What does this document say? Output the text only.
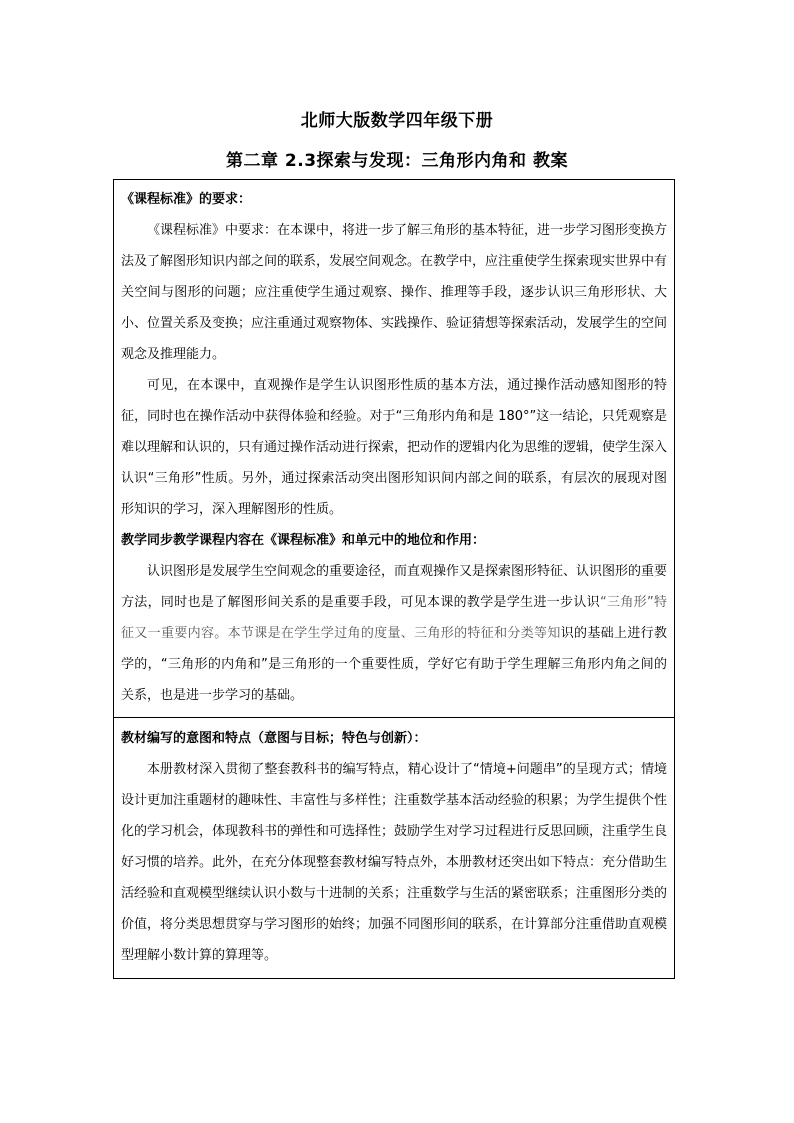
北师大版数学四年级下册
第二章 2.3探索与发现：三角形内角和 教案

《课程标准》的要求：

《课程标准》中要求：在本课中，将进一步了解三角形的基本特征，进一步学习图形变换方法及了解图形知识内部之间的联系，发展空间观念。在教学中，应注重使学生探索现实世界中有关空间与图形的问题；应注重使学生通过观察、操作、推理等手段，逐步认识三角形形状、大小、位置关系及变换；应注重通过观察物体、实践操作、验证猜想等探索活动，发展学生的空间观念及推理能力。

可见，在本课中，直观操作是学生认识图形性质的基本方法，通过操作活动感知图形的特征，同时也在操作活动中获得体验和经验。对于“三角形内角和是 180°”这一结论，只凭观察是难以理解和认识的，只有通过操作活动进行探索，把动作的逻辑内化为思维的逻辑，使学生深入认识“三角形”性质。另外，通过探索活动突出图形知识间内部之间的联系，有层次的展现对图形知识的学习，深入理解图形的性质。

教学同步教学课程内容在《课程标准》和单元中的地位和作用：

认识图形是发展学生空间观念的重要途径，而直观操作又是探索图形特征、认识图形的重要方法，同时也是了解图形间关系的是重要手段，可见本课的教学是学生进一步认识“三角形”特征又一重要内容。本节课是在学生学过角的度量、三角形的特征和分类等知识的基础上进行教学的，“三角形的内角和”是三角形的一个重要性质，学好它有助于学生理解三角形内角之间的关系，也是进一步学习的基础。

教材编写的意图和特点（意图与目标；特色与创新）：

本册教材深入贯彻了整套教科书的编写特点，精心设计了“情境+问题串”的呈现方式；情境设计更加注重题材的趣味性、丰富性与多样性；注重数学基本活动经验的积累；为学生提供个性化的学习机会，体现教科书的弹性和可选择性；鼓励学生对学习过程进行反思回顾，注重学生良好习惯的培养。此外，在充分体现整套教材编写特点外，本册教材还突出如下特点：充分借助生活经验和直观模型继续认识小数与十进制的关系；注重数学与生活的紧密联系；注重图形分类的价值，将分类思想贯穿与学习图形的始终；加强不同图形间的联系，在计算部分注重借助直观模型理解小数计算的算理等。
